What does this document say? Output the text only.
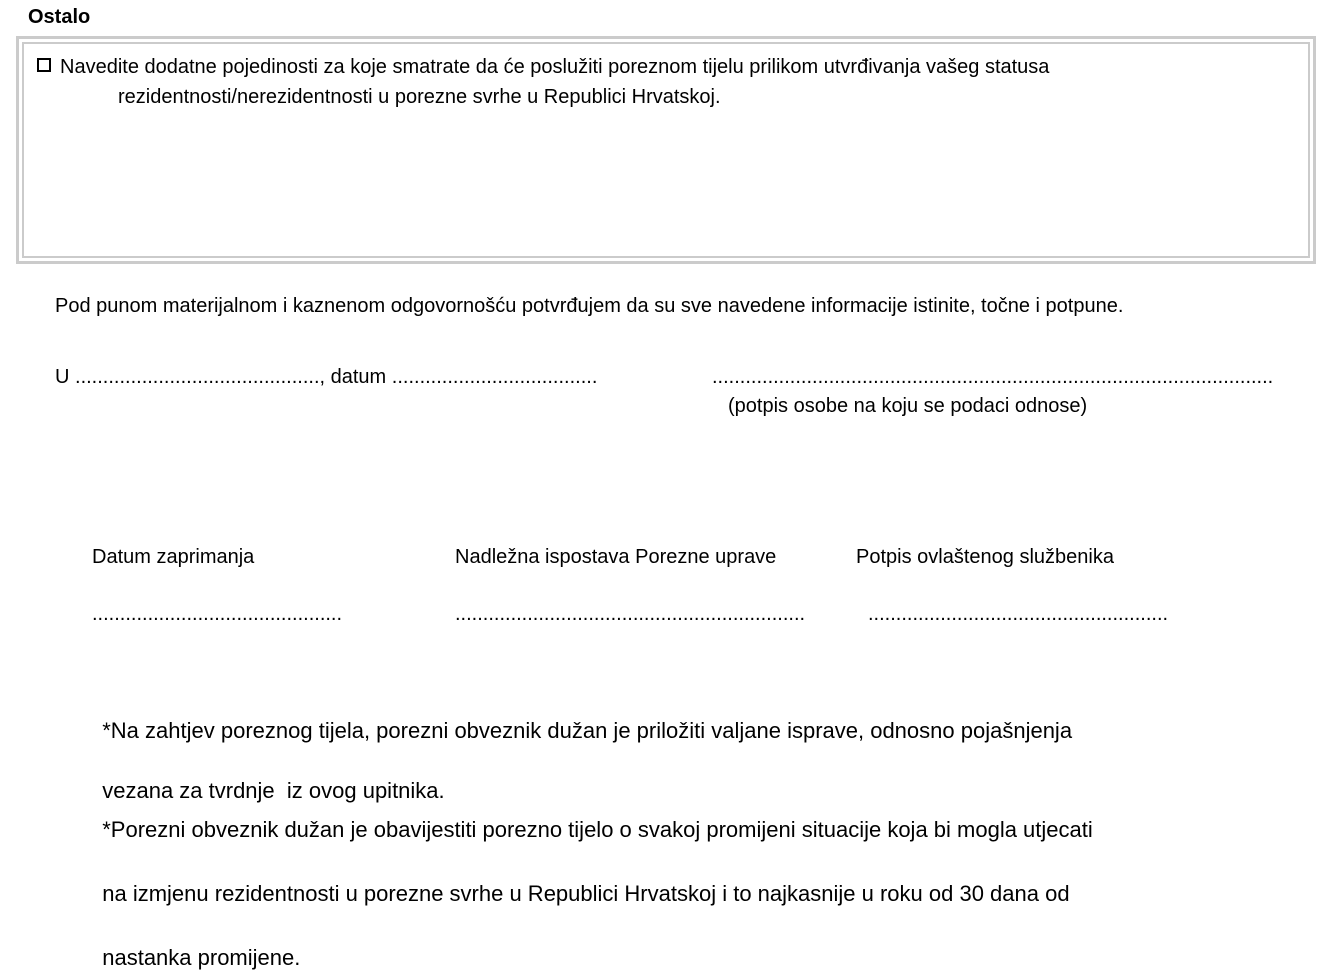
Ostalo
Navedite dodatne pojedinosti za koje smatrate da će poslužiti poreznom tijelu prilikom utvrđivanja vašeg statusa
rezidentnosti/nerezidentnosti u porezne svrhe u Republici Hrvatskoj.
Pod punom materijalnom i kaznenom odgovornošću potvrđujem da su sve navedene informacije istinite, točne i potpune.
U ............................................, datum .....................................	.....................................................................................................
(potpis osobe na koju se podaci odnose)
Datum zaprimanja	Nadležna ispostava Porezne uprave	Potpis ovlaštenog službenika
.............................................	...............................................................	......................................................

*Na zahtjev poreznog tijela, porezni obveznik dužan je priložiti valjane isprave, odnosno pojašnjenja

vezana za tvrdnje  iz ovog upitnika.

*Porezni obveznik dužan je obavijestiti porezno tijelo o svakoj promijeni situacije koja bi mogla utjecati

na izmjenu rezidentnosti u porezne svrhe u Republici Hrvatskoj i to najkasnije u roku od 30 dana od

nastanka promijene.
